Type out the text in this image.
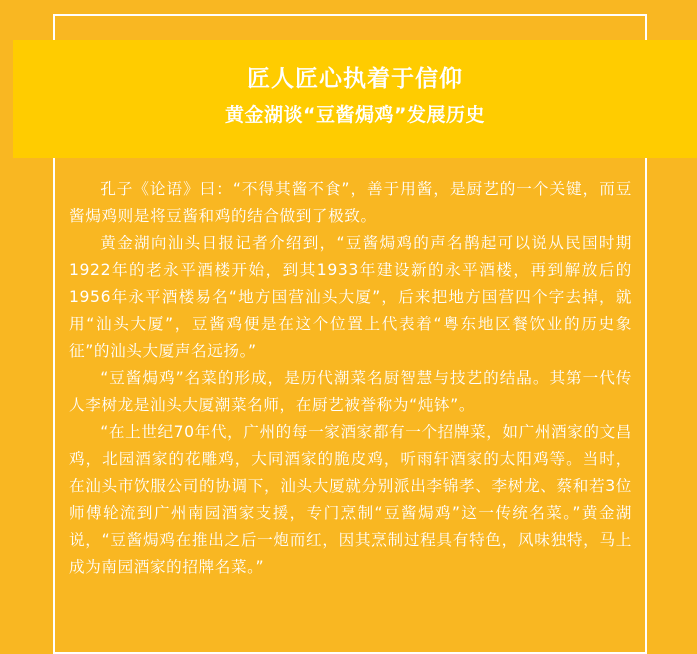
匠人匠心执着于信仰
黄金湖谈“豆酱焗鸡”发展历史

孔子《论语》曰：“不得其酱不食”，善于用酱，是厨艺的一个关键，而豆酱焗鸡则是将豆酱和鸡的结合做到了极致。

黄金湖向汕头日报记者介绍到，“豆酱焗鸡的声名鹊起可以说从民国时期1922年的老永平酒楼开始，到其1933年建设新的永平酒楼，再到解放后的1956年永平酒楼易名“地方国营汕头大厦”，后来把地方国营四个字去掉，就用“汕头大厦”，豆酱鸡便是在这个位置上代表着“粤东地区餐饮业的历史象征”的汕头大厦声名远扬。”

“豆酱焗鸡”名菜的形成，是历代潮菜名厨智慧与技艺的结晶。其第一代传人李树龙是汕头大厦潮菜名师，在厨艺被誉称为“炖钵”。

“在上世纪70年代，广州的每一家酒家都有一个招牌菜，如广州酒家的文昌鸡，北园酒家的花雕鸡，大同酒家的脆皮鸡，听雨轩酒家的太阳鸡等。当时，在汕头市饮服公司的协调下，汕头大厦就分别派出李锦孝、李树龙、蔡和若3位师傅轮流到广州南园酒家支援，专门烹制“豆酱焗鸡”这一传统名菜。”黄金湖说，“豆酱焗鸡在推出之后一炮而红，因其烹制过程具有特色，风味独特，马上成为南园酒家的招牌名菜。”
